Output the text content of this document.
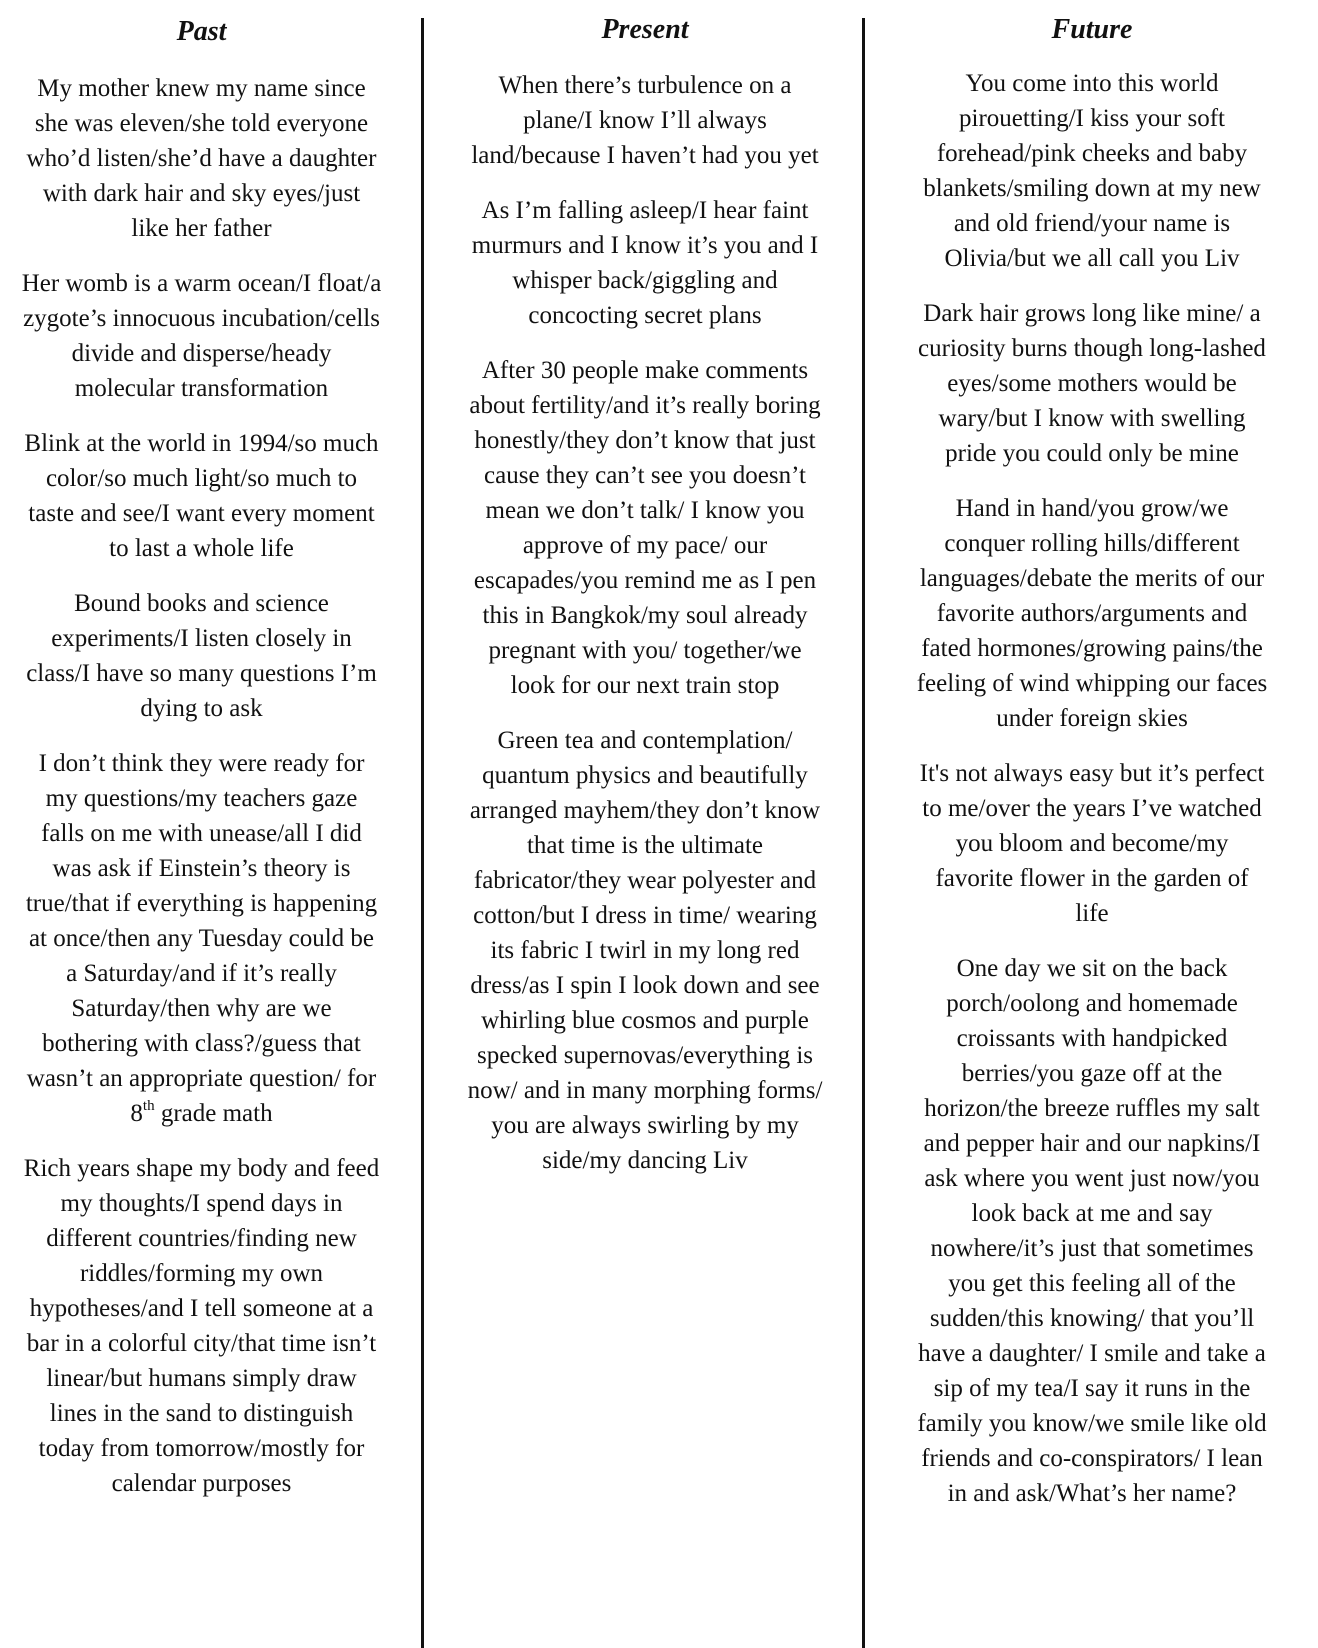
Past

My mother knew my name since she was eleven/she told everyone who’d listen/she’d have a daughter with dark hair and sky eyes/just like her father

Her womb is a warm ocean/I float/a zygote’s innocuous incubation/cells divide and disperse/heady molecular transformation

Blink at the world in 1994/so much color/so much light/so much to taste and see/I want every moment to last a whole life

Bound books and science experiments/I listen closely in class/I have so many questions I’m dying to ask

I don’t think they were ready for my questions/my teachers gaze falls on me with unease/all I did was ask if Einstein’s theory is true/that if everything is happening at once/then any Tuesday could be a Saturday/and if it’s really Saturday/then why are we bothering with class?/guess that wasn’t an appropriate question/ for 8th grade math

Rich years shape my body and feed my thoughts/I spend days in different countries/finding new riddles/forming my own hypotheses/and I tell someone at a bar in a colorful city/that time isn’t linear/but humans simply draw lines in the sand to distinguish today from tomorrow/mostly for calendar purposes

Present

When there’s turbulence on a plane/I know I’ll always land/because I haven’t had you yet

As I’m falling asleep/I hear faint murmurs and I know it’s you and I whisper back/giggling and concocting secret plans

After 30 people make comments about fertility/and it’s really boring honestly/they don’t know that just cause they can’t see you doesn’t mean we don’t talk/ I know you approve of my pace/ our escapades/you remind me as I pen this in Bangkok/my soul already pregnant with you/ together/we look for our next train stop

Green tea and contemplation/ quantum physics and beautifully arranged mayhem/they don’t know that time is the ultimate fabricator/they wear polyester and cotton/but I dress in time/ wearing its fabric I twirl in my long red dress/as I spin I look down and see whirling blue cosmos and purple specked supernovas/everything is now/ and in many morphing forms/ you are always swirling by my side/my dancing Liv

Future

You come into this world pirouetting/I kiss your soft forehead/pink cheeks and baby blankets/smiling down at my new and old friend/your name is Olivia/but we all call you Liv

Dark hair grows long like mine/ a curiosity burns though long-lashed eyes/some mothers would be wary/but I know with swelling pride you could only be mine

Hand in hand/you grow/we conquer rolling hills/different languages/debate the merits of our favorite authors/arguments and fated hormones/growing pains/the feeling of wind whipping our faces under foreign skies

It's not always easy but it’s perfect to me/over the years I’ve watched you bloom and become/my favorite flower in the garden of life

One day we sit on the back porch/oolong and homemade croissants with handpicked berries/you gaze off at the horizon/the breeze ruffles my salt and pepper hair and our napkins/I ask where you went just now/you look back at me and say nowhere/it’s just that sometimes you get this feeling all of the sudden/this knowing/ that you’ll have a daughter/ I smile and take a sip of my tea/I say it runs in the family you know/we smile like old friends and co-conspirators/ I lean in and ask/What’s her name?
